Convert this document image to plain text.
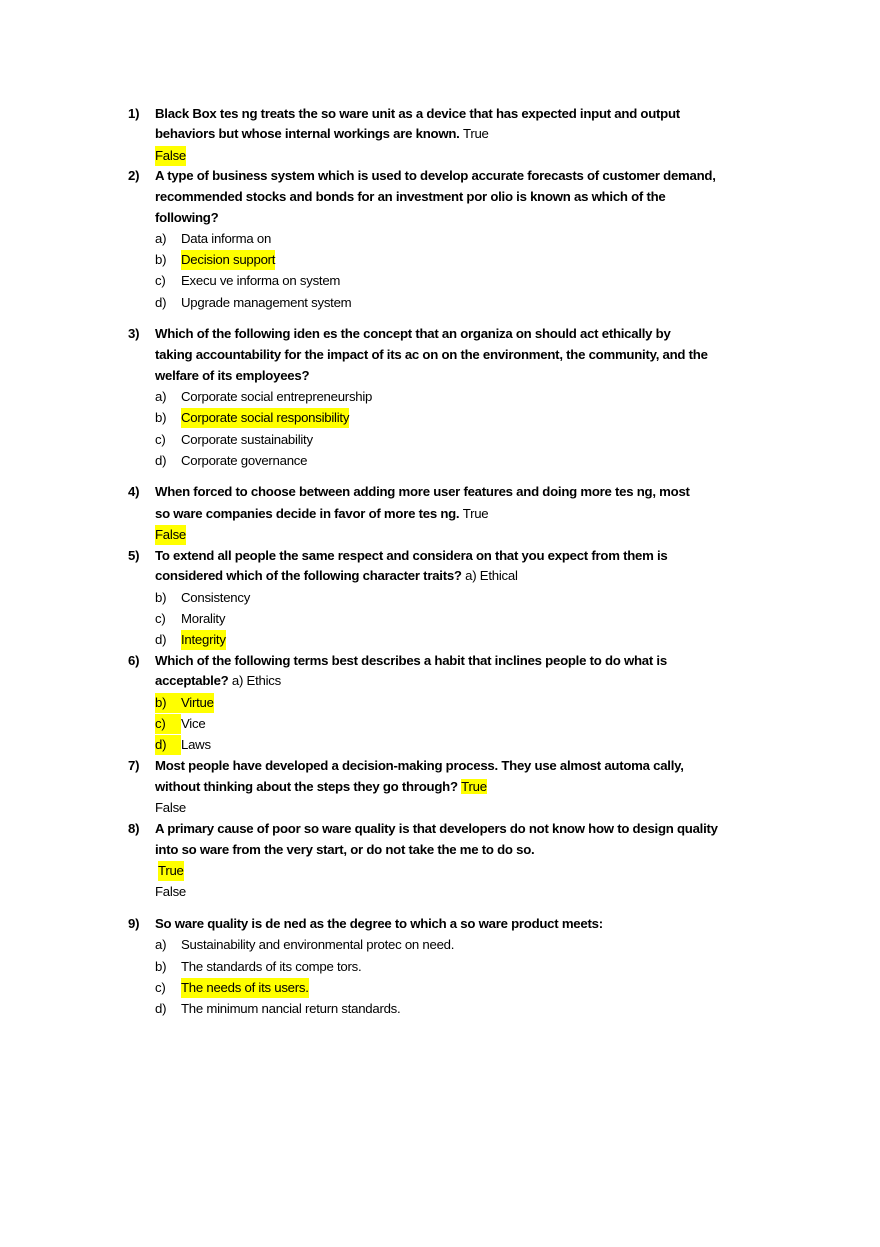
1) Black Box tes ng treats the so ware unit as a device that has expected input and output
behaviors but whose internal workings are known. True
False
2) A type of business system which is used to develop accurate forecasts of customer demand,
recommended stocks and bonds for an investment por olio is known as which of the
following?
a) Data informa on
b) Decision support
c) Execu ve informa on system
d) Upgrade management system
3) Which of the following iden es the concept that an organiza on should act ethically by
taking accountability for the impact of its ac on on the environment, the community, and the
welfare of its employees?
a) Corporate social entrepreneurship
b) Corporate social responsibility
c) Corporate sustainability
d) Corporate governance
4) When forced to choose between adding more user features and doing more tes ng, most
so ware companies decide in favor of more tes ng. True
False
5) To extend all people the same respect and considera on that you expect from them is
considered which of the following character traits? a) Ethical
b) Consistency
c) Morality
d) Integrity
6) Which of the following terms best describes a habit that inclines people to do what is
acceptable? a) Ethics
b)	Virtue
c)	Vice
d)	Laws
7) Most people have developed a decision-making process. They use almost automa cally,
without thinking about the steps they go through? True
False
8) A primary cause of poor so ware quality is that developers do not know how to design quality
into so ware from the very start, or do not take the me to do so.
True
False
9) So ware quality is de ned as the degree to which a so ware product meets:
a) Sustainability and environmental protec on need.
b) The standards of its compe tors.
c) The needs of its users.
d) The minimum nancial return standards.
